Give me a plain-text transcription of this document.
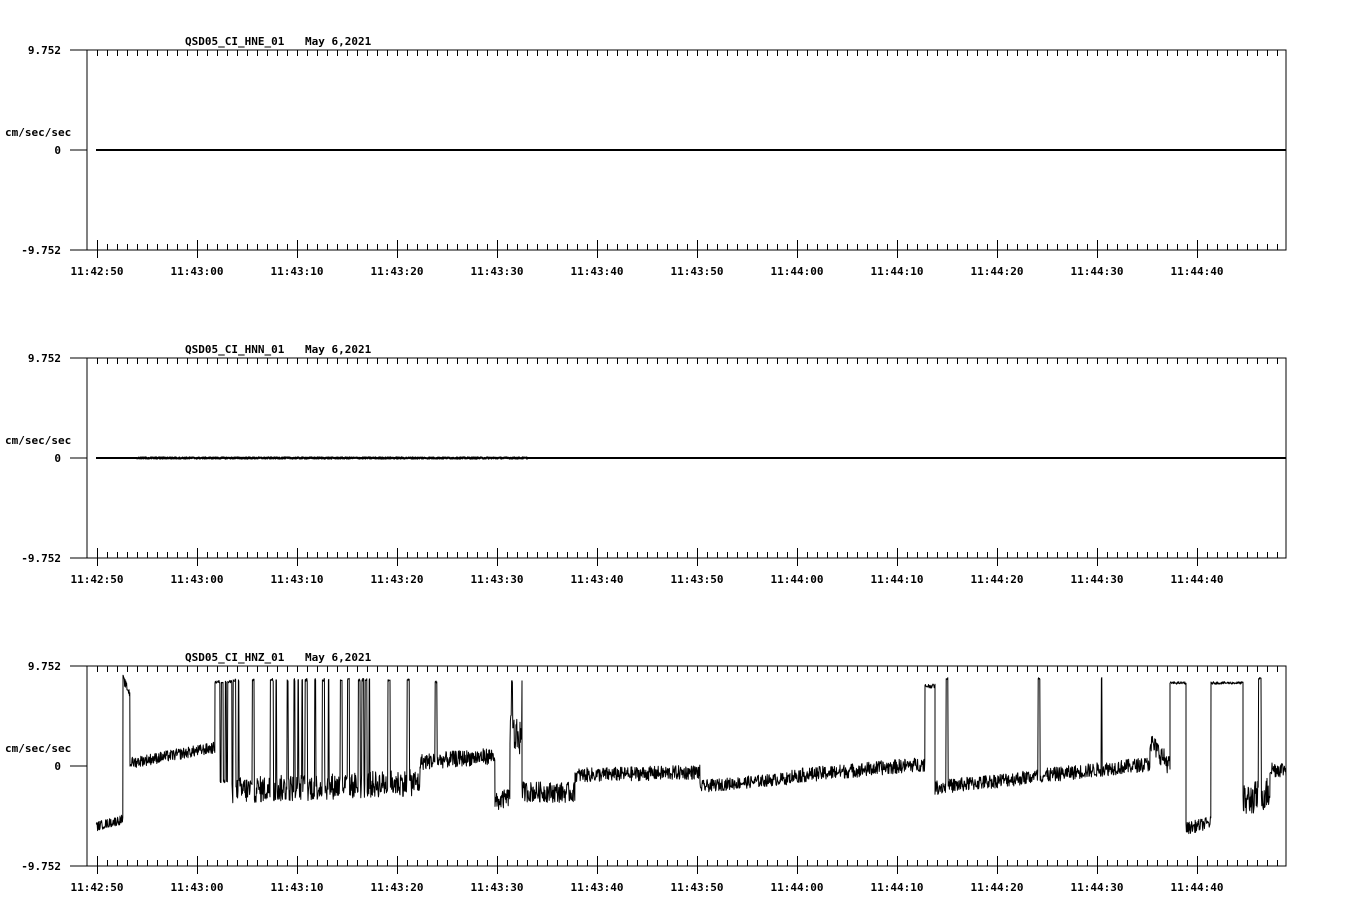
QSD05_CI_HNE_01 May 6,2021
cm/sec/sec
9.752
0
-9.752
11:42:50	11:43:00	11:43:10	11:43:20	11:43:30	11:43:40	11:43:50	11:44:00	11:44:10	11:44:20	11:44:30	11:44:40
QSD05_CI_HNN_01 May 6,2021
cm/sec/sec
9.752
0
-9.752
11:42:50	11:43:00	11:43:10	11:43:20	11:43:30	11:43:40	11:43:50	11:44:00	11:44:10	11:44:20	11:44:30	11:44:40
QSD05_CI_HNZ_01 May 6,2021
cm/sec/sec
9.752
0
-9.752
11:42:50	11:43:00	11:43:10	11:43:20	11:43:30	11:43:40	11:43:50	11:44:00	11:44:10	11:44:20	11:44:30	11:44:40
